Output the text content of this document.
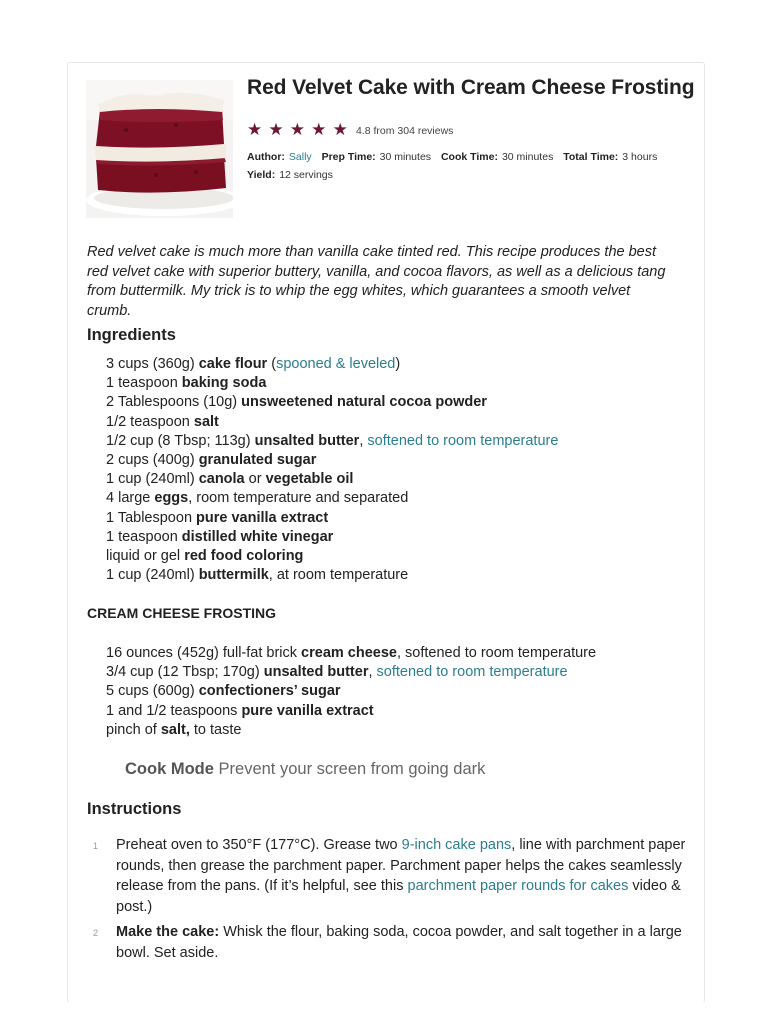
Red Velvet Cake with Cream Cheese Frosting
★ ★ ★ ★ ★ 4.8 from 304 reviews
Author: Sally Prep Time: 30 minutes Cook Time: 30 minutes Total Time: 3 hours
Yield: 12 servings

Red velvet cake is much more than vanilla cake tinted red. This recipe produces the best red velvet cake with superior buttery, vanilla, and cocoa flavors, as well as a delicious tang from buttermilk. My trick is to whip the egg whites, which guarantees a smooth velvet crumb.

Ingredients
3 cups (360g) cake flour (spooned & leveled)
1 teaspoon baking soda
2 Tablespoons (10g) unsweetened natural cocoa powder
1/2 teaspoon salt
1/2 cup (8 Tbsp; 113g) unsalted butter, softened to room temperature
2 cups (400g) granulated sugar
1 cup (240ml) canola or vegetable oil
4 large eggs, room temperature and separated
1 Tablespoon pure vanilla extract
1 teaspoon distilled white vinegar
liquid or gel red food coloring
1 cup (240ml) buttermilk, at room temperature
CREAM CHEESE FROSTING
16 ounces (452g) full-fat brick cream cheese, softened to room temperature
3/4 cup (12 Tbsp; 170g) unsalted butter, softened to room temperature
5 cups (600g) confectioners’ sugar
1 and 1/2 teaspoons pure vanilla extract
pinch of salt, to taste
Cook Mode Prevent your screen from going dark
Instructions
1 Preheat oven to 350°F (177°C). Grease two 9-inch cake pans, line with parchment paper rounds, then grease the parchment paper. Parchment paper helps the cakes seamlessly release from the pans. (If it’s helpful, see this parchment paper rounds for cakes video & post.)
2 Make the cake: Whisk the flour, baking soda, cocoa powder, and salt together in a large bowl. Set aside.
